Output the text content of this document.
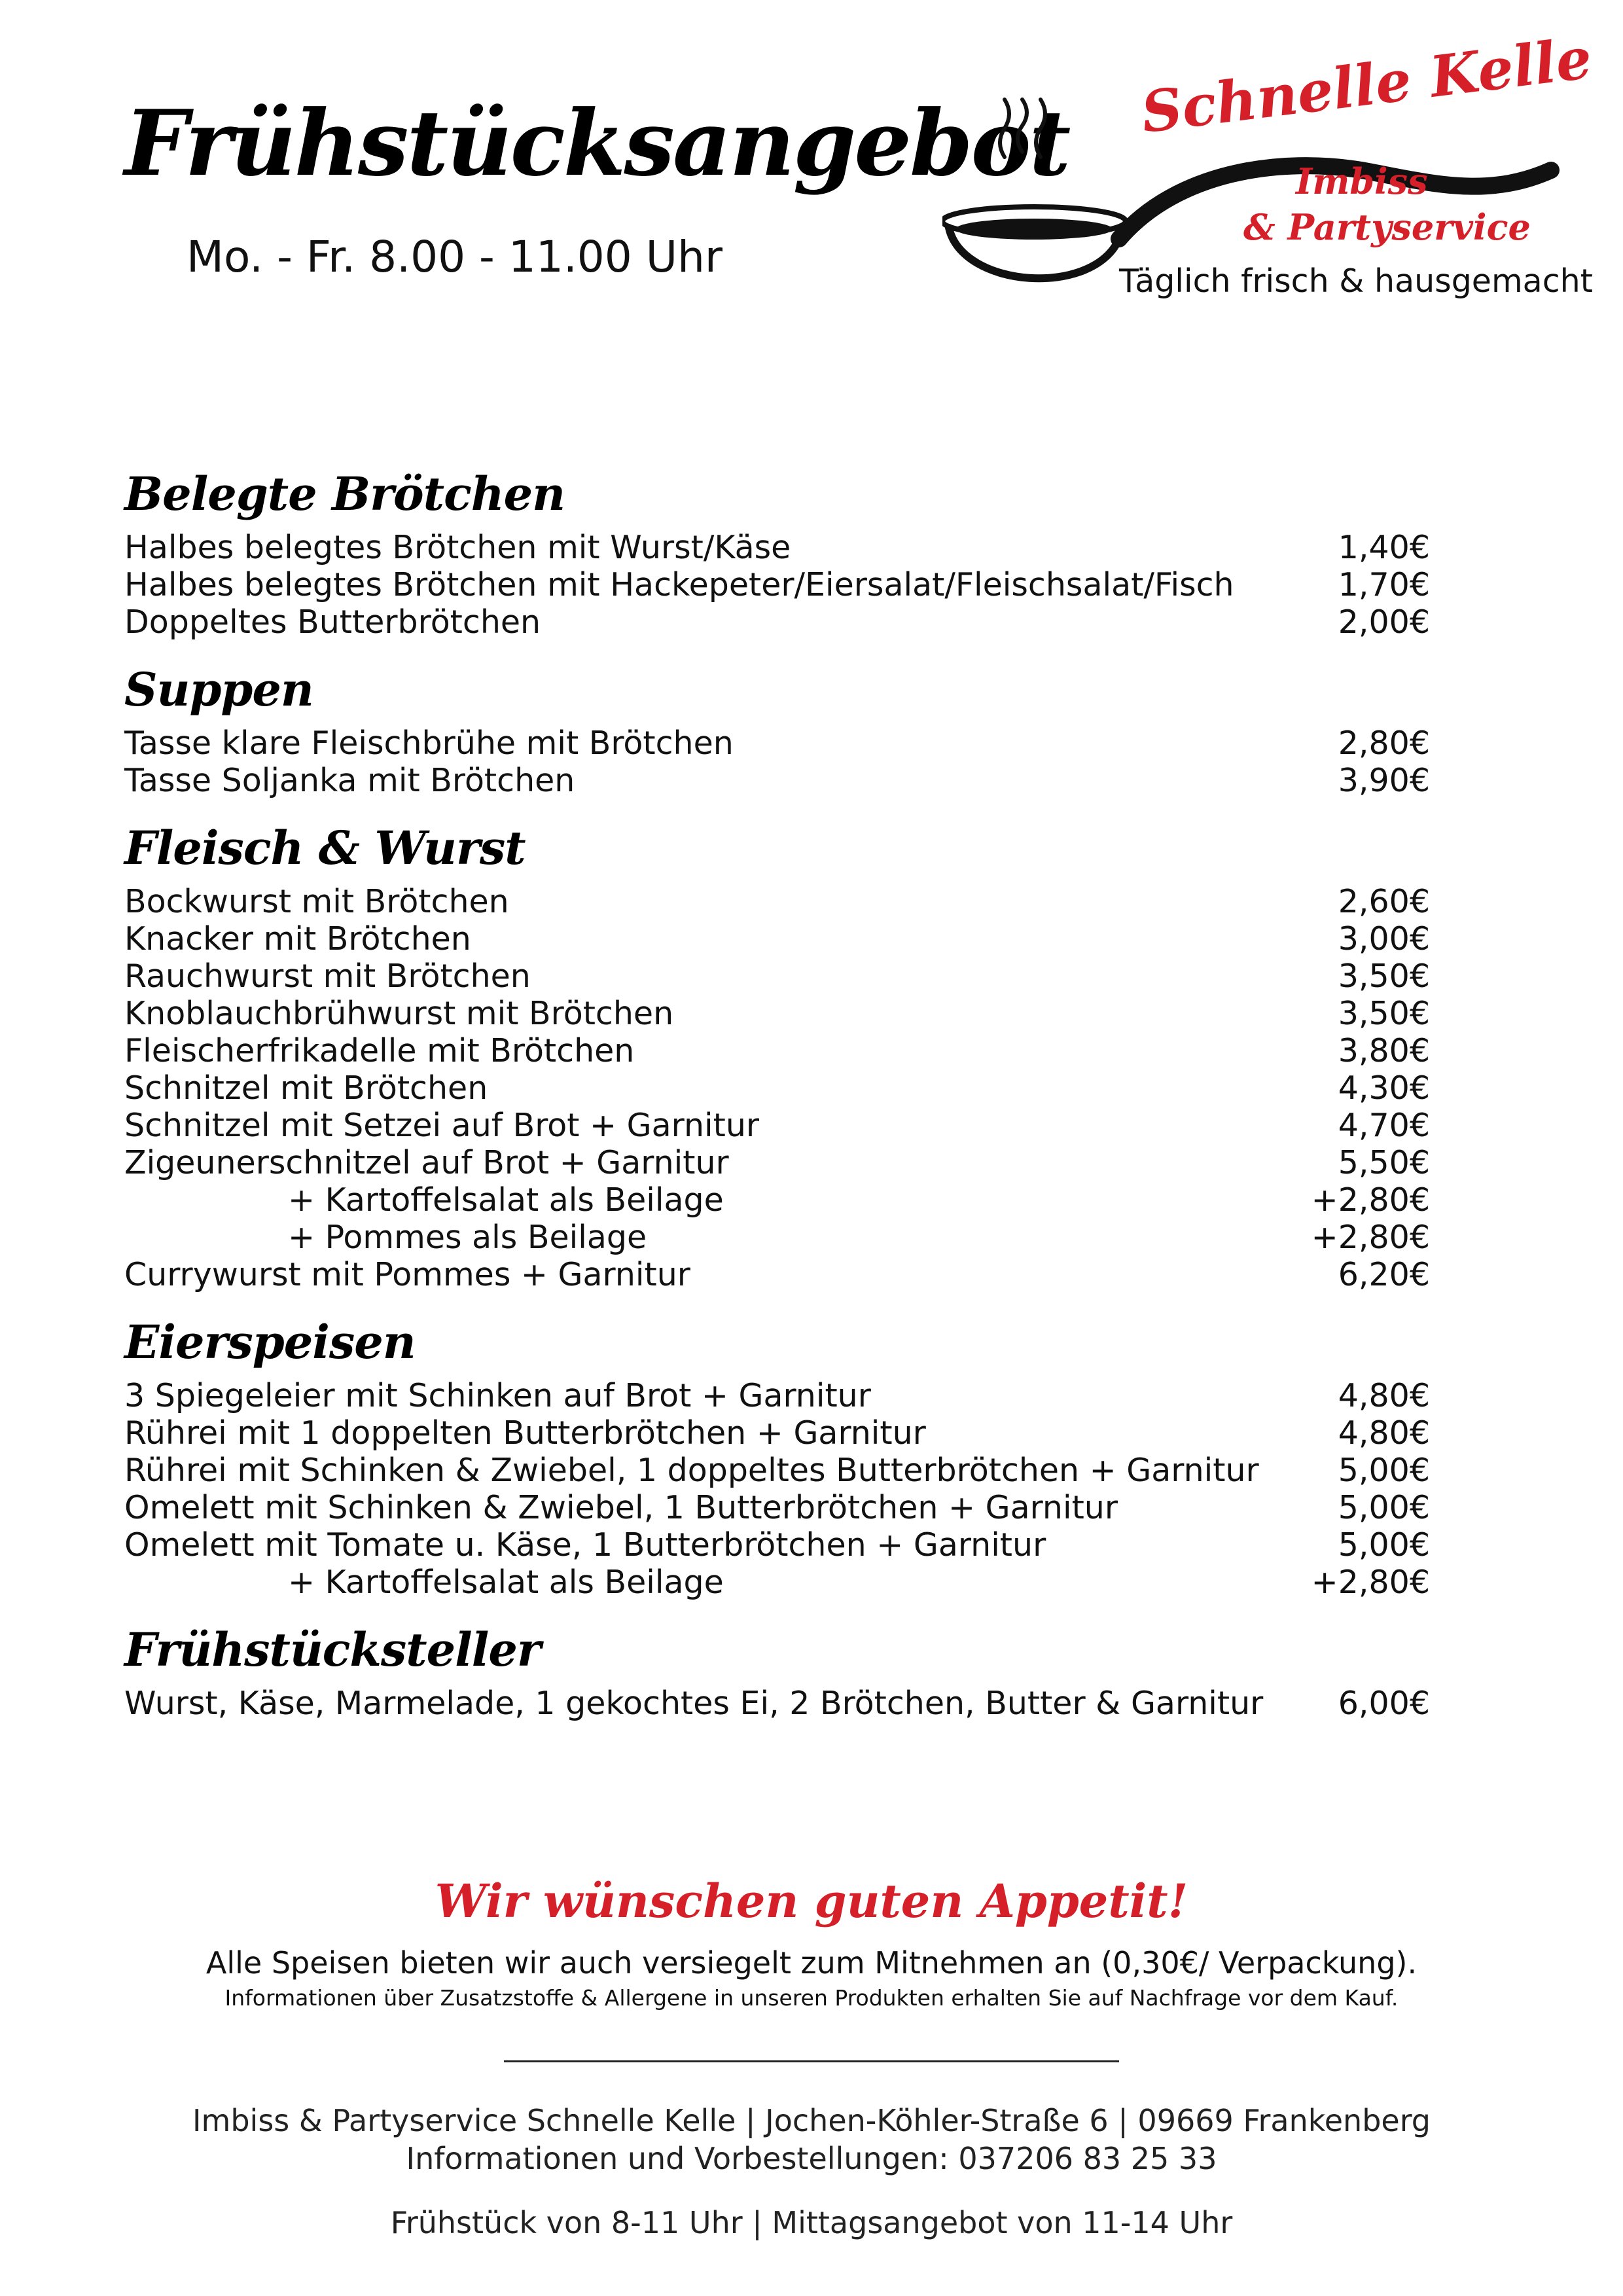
Frühstücksangebot
Mo. - Fr. 8.00 - 11.00 Uhr
Schnelle Kelle
Imbiss
& Partyservice
Täglich frisch & hausgemacht
Belegte Brötchen
Halbes belegtes Brötchen mit Wurst/Käse	1,40€
Halbes belegtes Brötchen mit Hackepeter/Eiersalat/Fleischsalat/Fisch	1,70€
Doppeltes Butterbrötchen	2,00€
Suppen
Tasse klare Fleischbrühe mit Brötchen	2,80€
Tasse Soljanka mit Brötchen	3,90€
Fleisch & Wurst
Bockwurst mit Brötchen	2,60€
Knacker mit Brötchen	3,00€
Rauchwurst mit Brötchen	3,50€
Knoblauchbrühwurst mit Brötchen	3,50€
Fleischerfrikadelle mit Brötchen	3,80€
Schnitzel mit Brötchen	4,30€
Schnitzel mit Setzei auf Brot + Garnitur	4,70€
Zigeunerschnitzel auf Brot + Garnitur	5,50€
+ Kartoffelsalat als Beilage	+2,80€
+ Pommes als Beilage	+2,80€
Currywurst mit Pommes + Garnitur	6,20€
Eierspeisen
3 Spiegeleier mit Schinken auf Brot + Garnitur	4,80€
Rührei mit 1 doppelten Butterbrötchen + Garnitur	4,80€
Rührei mit Schinken & Zwiebel, 1 doppeltes Butterbrötchen + Garnitur 5,00€
Omelett mit Schinken & Zwiebel, 1 Butterbrötchen + Garnitur	5,00€
Omelett mit Tomate u. Käse, 1 Butterbrötchen + Garnitur	5,00€
+ Kartoffelsalat als Beilage	+2,80€
Frühstücksteller
Wurst, Käse, Marmelade, 1 gekochtes Ei, 2 Brötchen, Butter & Garnitur 6,00€
Wir wünschen guten Appetit!
Alle Speisen bieten wir auch versiegelt zum Mitnehmen an (0,30€/ Verpackung).
Informationen über Zusatzstoffe & Allergene in unseren Produkten erhalten Sie auf Nachfrage vor dem Kauf.
Imbiss & Partyservice Schnelle Kelle | Jochen-Köhler-Straße 6 | 09669 Frankenberg
Informationen und Vorbestellungen: 037206 83 25 33
Frühstück von 8-11 Uhr | Mittagsangebot von 11-14 Uhr
